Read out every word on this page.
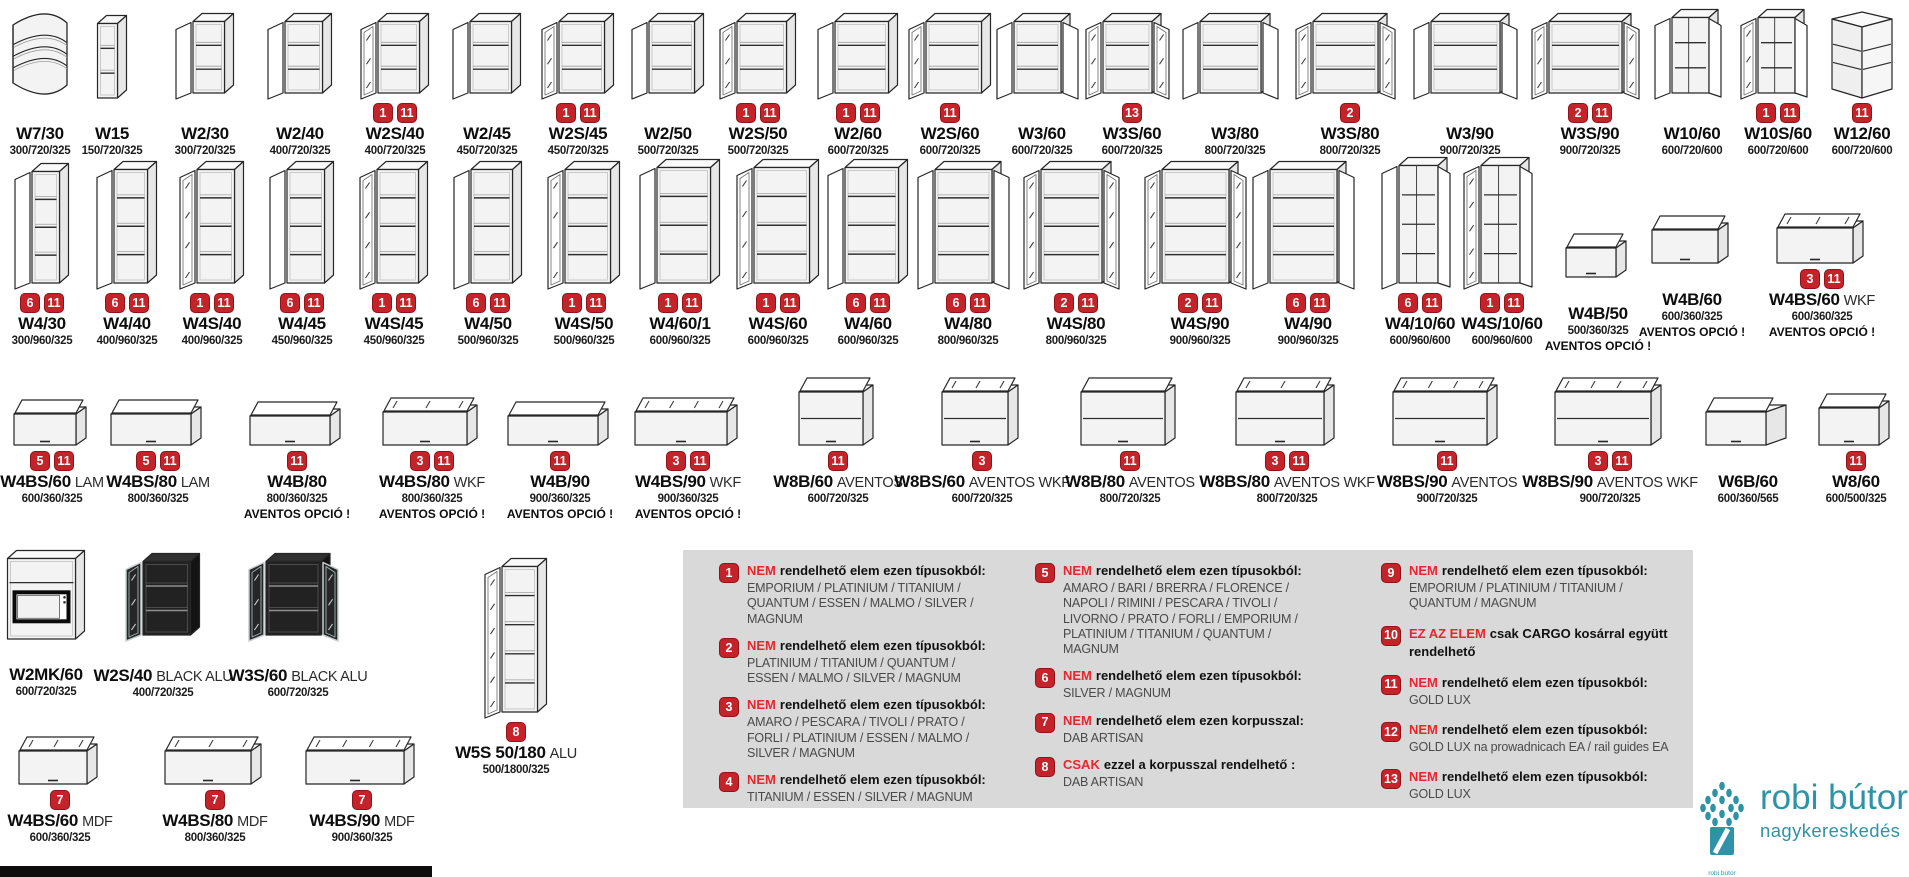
W7/30
300/720/325
W15
150/720/325
W2/30
300/720/325
W2/40
400/720/325
1	11
W2S/40
400/720/325
W2/45
450/720/325
1	11
W2S/45
450/720/325
W2/50
500/720/325
1	11
W2S/50
500/720/325
1	11
W2/60
600/720/325
11
W2S/60
600/720/325
W3/60
600/720/325
13
W3S/60
600/720/325
W3/80
800/720/325
2
W3S/80
800/720/325
W3/90
900/720/325
2	11
W3S/90
900/720/325
W10/60
600/720/600
1	11
W10S/60
600/720/600
11
W12/60
600/720/600
6	11
W4/30
300/960/325
6	11
W4/40
400/960/325
1	11
W4S/40
400/960/325
6	11
W4/45
450/960/325
1	11
W4S/45
450/960/325
6	11
W4/50
500/960/325
1	11
W4S/50
500/960/325
1	11
W4/60/1
600/960/325
1	11
W4S/60
600/960/325
6	11
W4/60
600/960/325
6	11
W4/80
800/960/325
2	11
W4S/80
800/960/325
2	11
W4S/90
900/960/325
6	11
W4/90
900/960/325
6	11
W4/10/60
600/960/600
1	11
W4S/10/60
600/960/600
W4B/50
500/360/325
AVENTOS OPCIÓ !
W4B/60
600/360/325
AVENTOS OPCIÓ !
3	11
W4BS/60 WKF
600/360/325
AVENTOS OPCIÓ !
5	11
W4BS/60 LAM
600/360/325
5	11
W4BS/80 LAM
800/360/325
11
W4B/80
800/360/325
AVENTOS OPCIÓ !
3	11
W4BS/80 WKF
800/360/325
AVENTOS OPCIÓ !
11
W4B/90
900/360/325
AVENTOS OPCIÓ !
3	11
W4BS/90 WKF
900/360/325
AVENTOS OPCIÓ !
11
W8B/60 AVENTOS
600/720/325
3
W8BS/60 AVENTOS WKF
600/720/325
11
W8B/80 AVENTOS
800/720/325
3	11
W8BS/80 AVENTOS WKF
800/720/325
11
W8BS/90 AVENTOS
900/720/325
3	11
W8BS/90 AVENTOS WKF
900/720/325
W6B/60
600/360/565
11
W8/60
600/500/325
W2MK/60
600/720/325
W2S/40 BLACK ALU
400/720/325
W3S/60 BLACK ALU
600/720/325
8
W5S 50/180 ALU
500/1800/325
7
W4BS/60 MDF
600/360/325
7
W4BS/80 MDF
800/360/325
7
W4BS/90 MDF
900/360/325
1	NEM rendelhető elem ezen típusokból:
EMPORIUM / PLATINIUM / TITANIUM / QUANTUM / ESSEN / MALMO / SILVER / MAGNUM
2	NEM rendelhető elem ezen típusokból:
PLATINIUM / TITANIUM / QUANTUM / ESSEN / MALMO / SILVER / MAGNUM
3	NEM rendelhető elem ezen típusokból:
AMARO / PESCARA / TIVOLI / PRATO / FORLI / PLATINIUM / ESSEN / MALMO / SILVER / MAGNUM
4	NEM rendelhető elem ezen típusokból:
TITANIUM / ESSEN / SILVER / MAGNUM
5	NEM rendelhető elem ezen típusokból:
AMARO / BARI / BRERRA / FLORENCE / NAPOLI / RIMINI / PESCARA / TIVOLI / LIVORNO / PRATO / FORLI / EMPORIUM / PLATINIUM / TITANIUM / QUANTUM / MAGNUM
6	NEM rendelhető elem ezen típusokból:
SILVER / MAGNUM
7	NEM rendelhető elem ezen korpusszal:
DAB ARTISAN
8	CSAK ezzel a korpusszal rendelhető :
DAB ARTISAN
9	NEM rendelhető elem ezen típusokból:
EMPORIUM / PLATINIUM / TITANIUM / QUANTUM / MAGNUM
10 EZ AZ ELEM csak CARGO kosárral együtt rendelhető
11 NEM rendelhető elem ezen típusokból:
GOLD LUX
12 NEM rendelhető elem ezen típusokból:
GOLD LUX na prowadnicach EA / rail guides EA
13 NEM rendelhető elem ezen típusokból:
GOLD LUX
robi bútor
robi bútor
nagykereskedés
